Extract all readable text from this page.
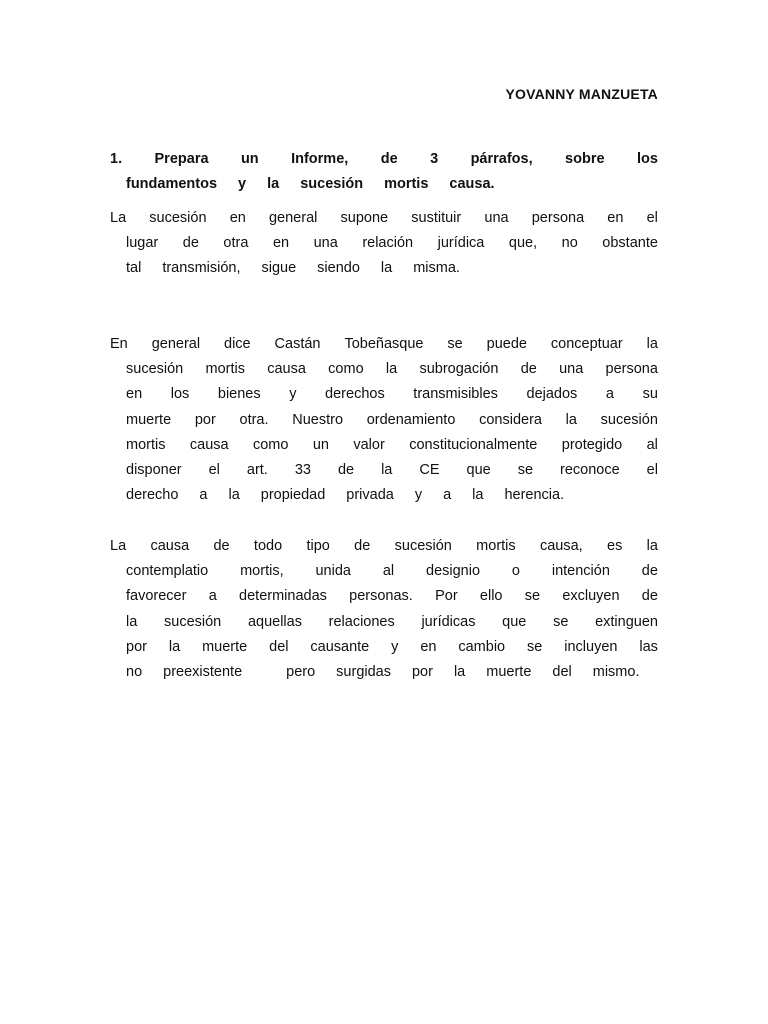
YOVANNY MANZUETA
1. Prepara un Informe, de 3 párrafos, sobre los
fundamentos y la sucesión mortis causa.
La sucesión en general supone sustituir una persona en el
lugar de otra en una relación jurídica que, no obstante
tal transmisión, sigue siendo la misma.
En general dice Castán Tobeñasque se puede conceptuar la
sucesión mortis causa como la subrogación de una persona
en los bienes y derechos transmisibles dejados a su
muerte por otra. Nuestro ordenamiento considera la sucesión
mortis causa como un valor constitucionalmente protegido al
disponer el art. 33 de la CE que se reconoce el
derecho a la propiedad privada y a la herencia.
La causa de todo tipo de sucesión mortis causa, es la
contemplatio mortis, unida al designio o intención de
favorecer a determinadas personas. Por ello se excluyen de
la sucesión aquellas relaciones jurídicas que se extinguen
por la muerte del causante y en cambio se incluyen las
no preexistente	pero surgidas por la muerte del mismo.
